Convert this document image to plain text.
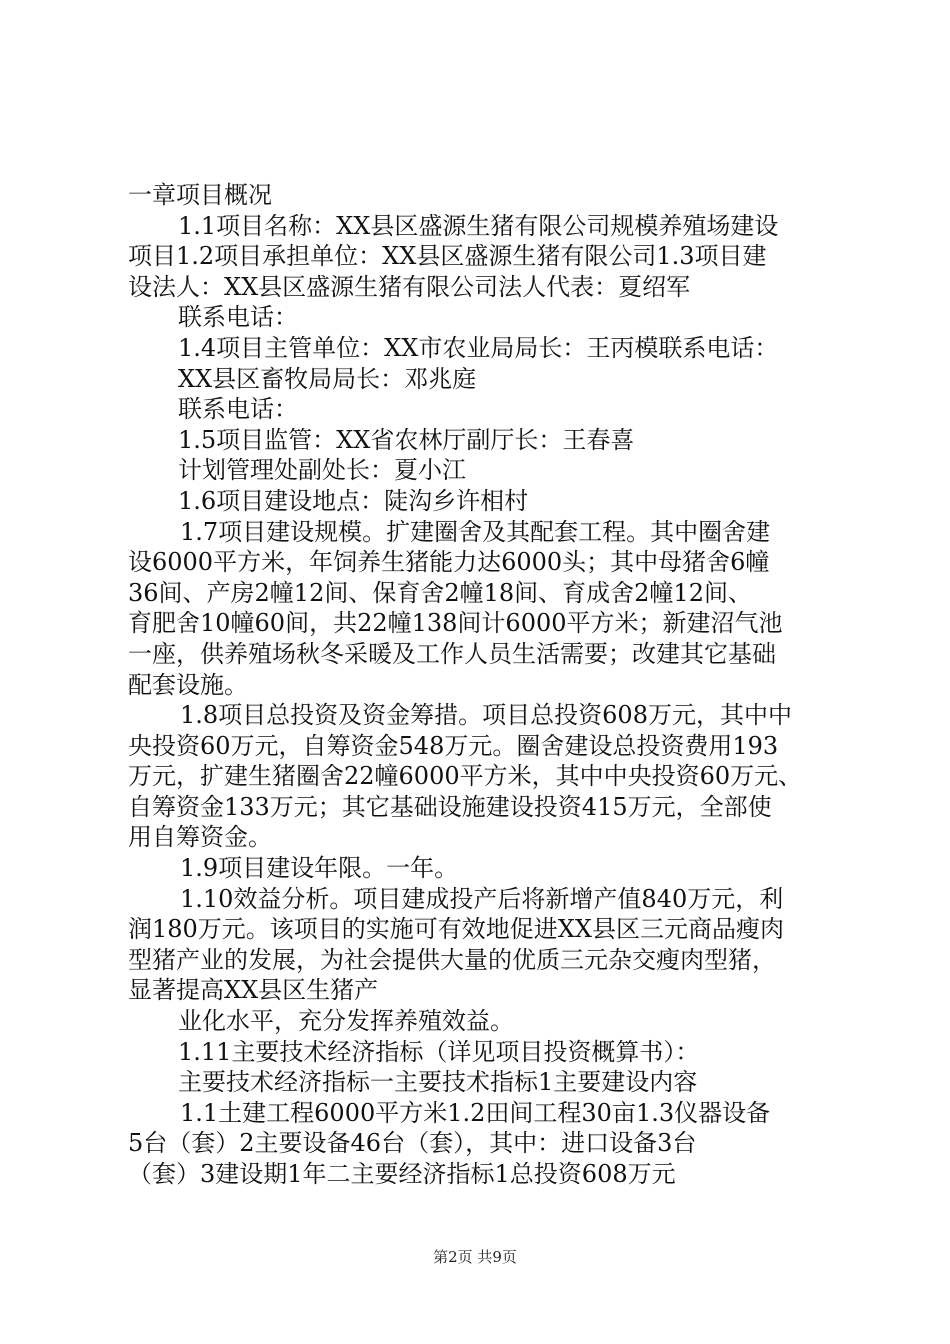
一章项目概况
1.1项目名称：XX县区盛源生猪有限公司规模养殖场建设
项目1.2项目承担单位：XX县区盛源生猪有限公司1.3项目建
设法人：XX县区盛源生猪有限公司法人代表：夏绍军
联系电话：
1.4项目主管单位：XX市农业局局长：王丙模联系电话：
XX县区畜牧局局长：邓兆庭
联系电话：
1.5项目监管：XX省农林厅副厅长：王春喜
计划管理处副处长：夏小江
1.6项目建设地点：陡沟乡许相村
1.7项目建设规模。扩建圈舍及其配套工程。其中圈舍建
设6000平方米，年饲养生猪能力达6000头；其中母猪舍6幢
36间、产房2幢12间、保育舍2幢18间、育成舍2幢12间、
育肥舍10幢60间，共22幢138间计6000平方米；新建沼气池
一座，供养殖场秋冬采暖及工作人员生活需要；改建其它基础
配套设施。
1.8项目总投资及资金筹措。项目总投资608万元，其中中
央投资60万元，自筹资金548万元。圈舍建设总投资费用193
万元，扩建生猪圈舍22幢6000平方米，其中中央投资60万元、
自筹资金133万元；其它基础设施建设投资415万元，全部使
用自筹资金。
1.9项目建设年限。一年。
1.10效益分析。项目建成投产后将新增产值840万元，利
润180万元。该项目的实施可有效地促进XX县区三元商品瘦肉
型猪产业的发展，为社会提供大量的优质三元杂交瘦肉型猪，
显著提高XX县区生猪产
业化水平，充分发挥养殖效益。
1.11主要技术经济指标（详见项目投资概算书）：
主要技术经济指标一主要技术指标1主要建设内容
1.1土建工程6000平方米1.2田间工程30亩1.3仪器设备
5台（套）2主要设备46台（套），其中：进口设备3台
（套）3建设期1年二主要经济指标1总投资608万元
第2页 共9页
